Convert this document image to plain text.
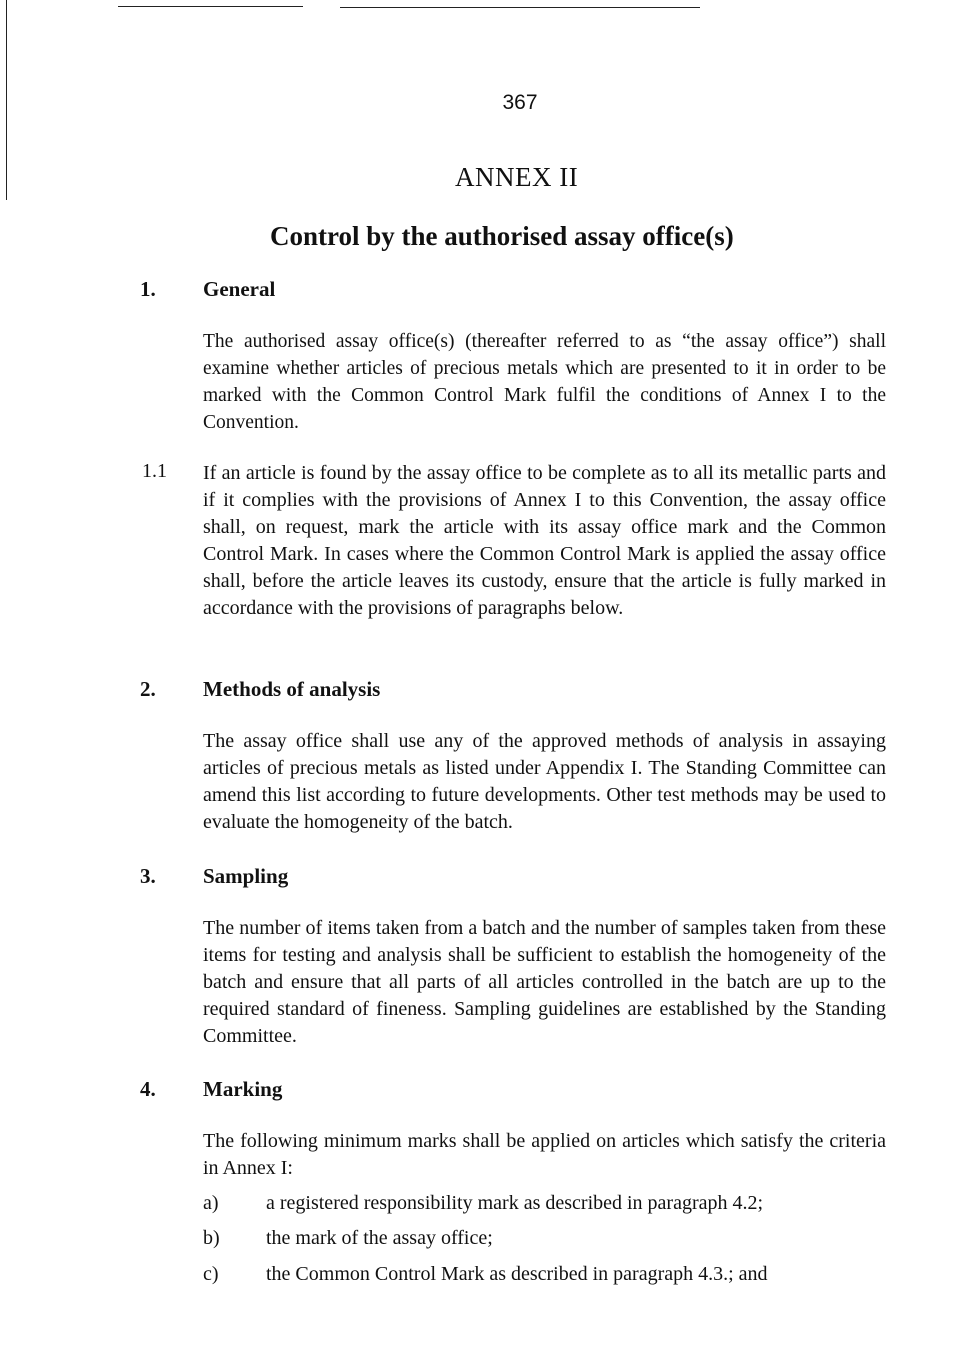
367
ANNEX II
Control by the authorised assay office(s)
1. General

The authorised assay office(s) (thereafter referred to as “the assay office”) shall examine whether articles of precious metals which are presented to it in order to be marked with the Common Control Mark fulfil the conditions of Annex I to the Convention.

1.1 If an article is found by the assay office to be complete as to all its metallic parts and if it complies with the provisions of Annex I to this Convention, the assay office shall, on request, mark the article with its assay office mark and the Common Control Mark. In cases where the Common Control Mark is applied the assay office shall, before the article leaves its custody, ensure that the article is fully marked in accordance with the provisions of paragraphs below.

2. Methods of analysis

The assay office shall use any of the approved methods of analysis in assaying articles of precious metals as listed under Appendix I. The Standing Committee can amend this list according to future developments. Other test methods may be used to evaluate the homogeneity of the batch.

3. Sampling

The number of items taken from a batch and the number of samples taken from these items for testing and analysis shall be sufficient to establish the homogeneity of the batch and ensure that all parts of all articles controlled in the batch are up to the required standard of fineness. Sampling guidelines are established by the Standing Committee.

4. Marking

The following minimum marks shall be applied on articles which satisfy the criteria in Annex I:

a) a registered responsibility mark as described in paragraph 4.2;
b) the mark of the assay office;
c) the Common Control Mark as described in paragraph 4.3.; and
